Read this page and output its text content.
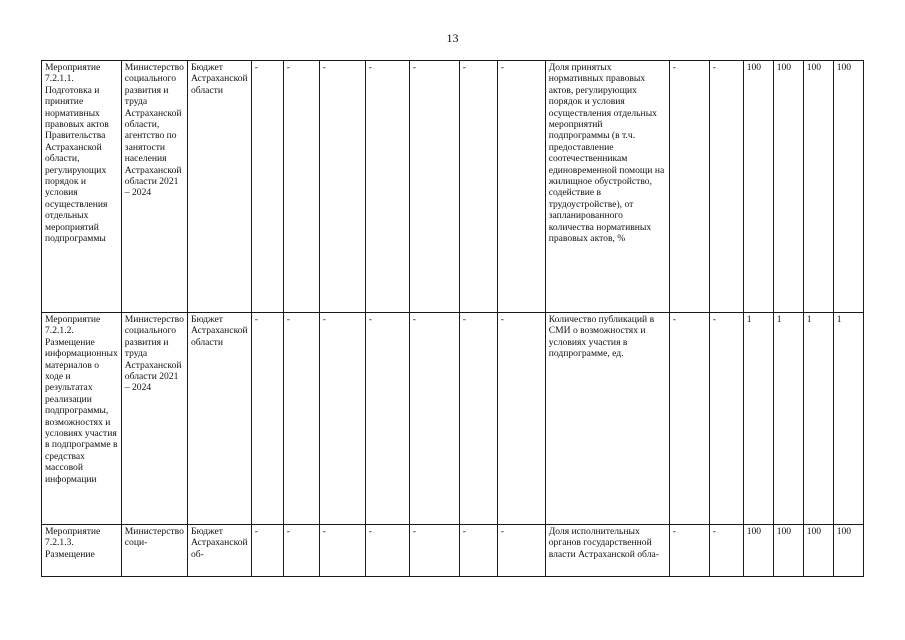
13
Мероприятие 7.2.1.1. Подготовка и принятие нормативных правовых актов Правительства Астраханской области, регулирующих порядок и условия осуществления отдельных мероприятий подпрограммы	Министерство социального развития и труда Астраханской области, агентство по занятости населения Астраханской области 2021 – 2024	Бюджет Астраханской области	-	-	-	-	-	-	-	Доля принятых нормативных правовых актов, регулирующих порядок и условия осуществления отдельных мероприятий подпрограммы (в т.ч. предоставление соотечественникам единовременной помощи на жилищное обустройство, содействие в трудоустройстве), от запланированного количества нормативных правовых актов, %	-	-	100	100	100	100
Мероприятие 7.2.1.2. Размещение информационных материалов о ходе и результатах реализации подпрограммы, возможностях и условиях участия в подпрограмме в средствах массовой информации	Министерство социального развития и труда Астраханской области 2021 – 2024	Бюджет Астраханской области	-	-	-	-	-	-	-	Количество публикаций в СМИ о возможностях и условиях участия в подпрограмме, ед.	-	-	1	1	1	1
Мероприятие 7.2.1.3. Размещение	Министерство соци-	Бюджет Астраханской об-	-	-	-	-	-	-	-	Доля исполнительных органов государственной власти Астраханской обла-	-	-	100	100	100	100
